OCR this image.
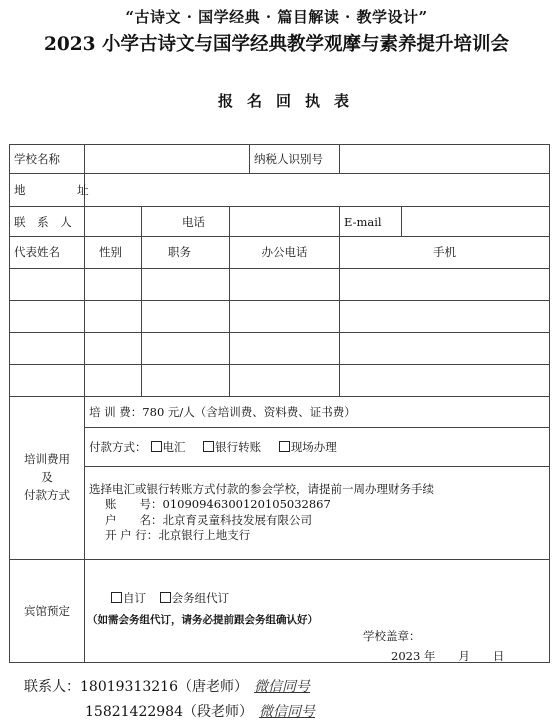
“古诗文 · 国学经典 · 篇目解读 · 教学设计”
2023 小学古诗文与国学经典教学观摩与素养提升培训会
报名回执表
学校名称				纳税人识别号		
地 址						
联 系 人		电话			E-mail	
代表姓名	性别	职务	办公电话		手机	

培训费用
及
付款方式	培 训 费：780 元/人（含培训费、资料费、证书费）					
	付款方式： 电汇 银行转账 现场办理					

	选择电汇或银行转账方式付款的参会学校，请提前一周办理财务手续
账　　号：0109094630012010503286​7
户　　名：北京育灵童科技发展有限公司
开 户 行：北京银行上地支行					

宾馆预定	自订 会务组代订
（如需会务组代订，请务必提前跟会务组确认好）
学校盖章：
2023 年　　月　　日					
联系人：18019313216（唐老师） 微信同号
15821422984（段老师） 微信同号
